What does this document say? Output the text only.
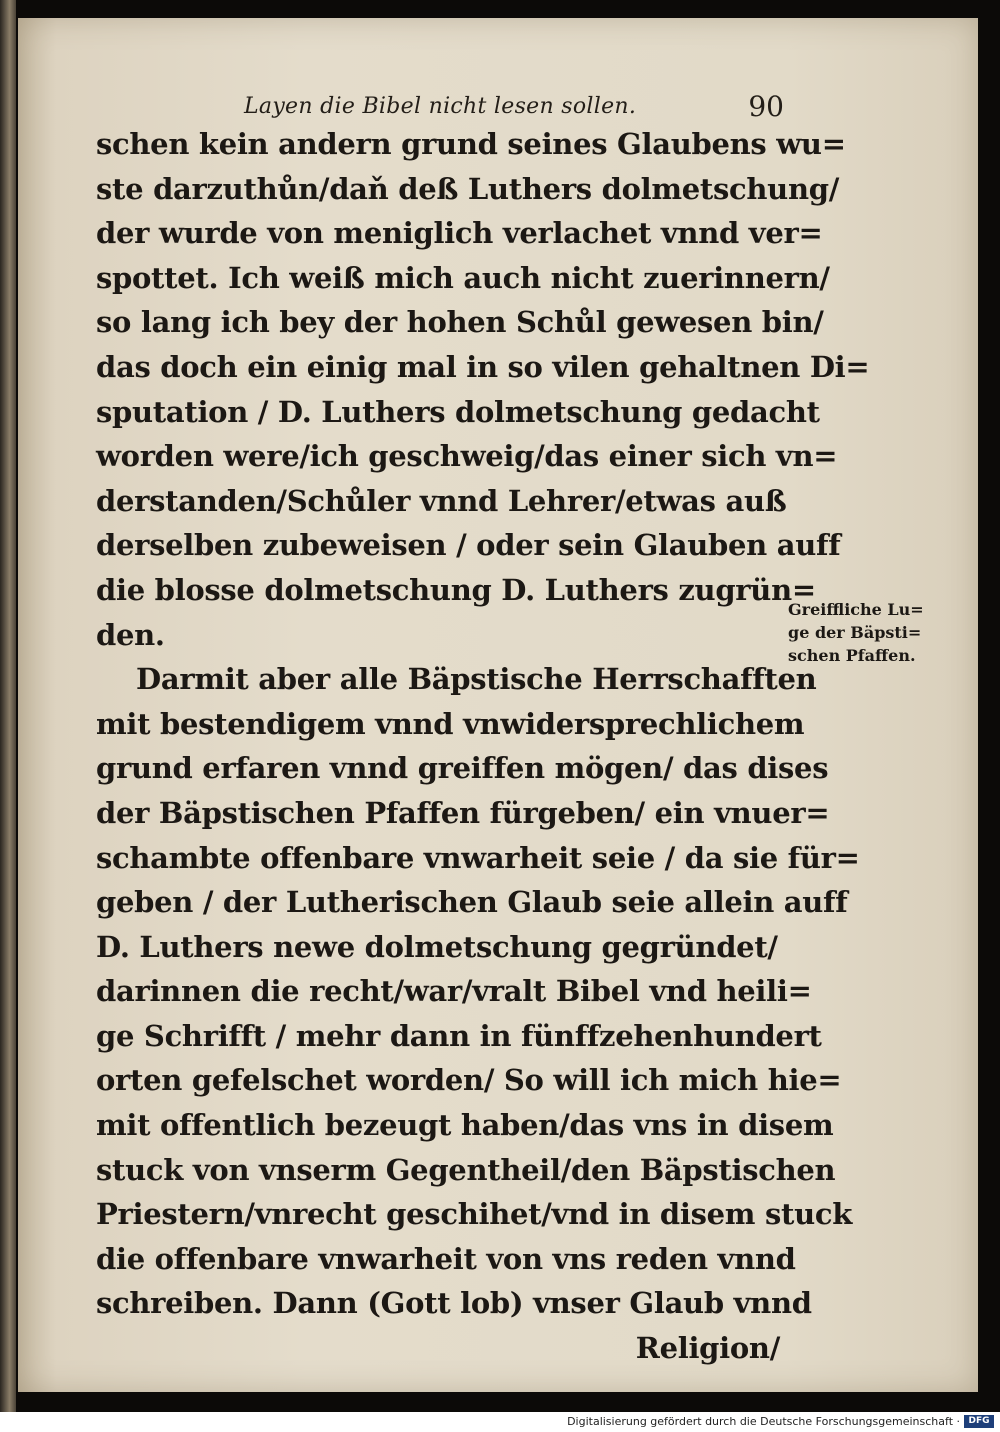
Layen die Bibel nicht lesen sollen.	90
schen kein andern grund seines Glaubens wu=
ste darzuthůn/daň deß Luthers dolmetschung/
der wurde von meniglich verlachet vnnd ver=
spottet. Ich weiß mich auch nicht zuerinnern/
so lang ich bey der hohen Schůl gewesen bin/
das doch ein einig mal in so vilen gehaltnen Di=
sputation / D. Luthers dolmetschung gedacht
worden were/ich geschweig/das einer sich vn=
derstanden/Schůler vnnd Lehrer/etwas auß
derselben zubeweisen / oder sein Glauben auff
die blosse dolmetschung D. Luthers zugrün=
den.
Darmit aber alle Bäpstische Herrschafften
mit bestendigem vnnd vnwidersprechlichem
grund erfaren vnnd greiffen mögen/ das dises
der Bäpstischen Pfaffen fürgeben/ ein vnuer=
schambte offenbare vnwarheit seie / da sie für=
geben / der Lutherischen Glaub seie allein auff
D. Luthers newe dolmetschung gegründet/
darinnen die recht/war/vralt Bibel vnd heili=
ge Schrifft / mehr dann in fünffzehenhundert
orten gefelschet worden/ So will ich mich hie=
mit offentlich bezeugt haben/das vns in disem
stuck von vnserm Gegentheil/den Bäpstischen
Priestern/vnrecht geschihet/vnd in disem stuck
die offenbare vnwarheit von vns reden vnnd
schreiben. Dann (Gott lob) vnser Glaub vnnd
Religion/
Greiffliche Lu=
ge der Bäpsti=
schen Pfaffen.
Digitalisierung gefördert durch die Deutsche Forschungsgemeinschaft · DFG
